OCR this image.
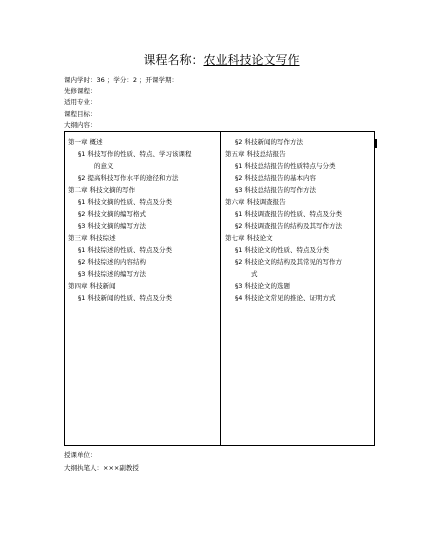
课程名称：农业科技论文写作
课内学时：36 ；学分：2 ；开课学期：
先修课程：
适用专业：
课程目标：
大纲内容：
第一章 概述
§1 科技写作的性质、特点、学习该课程
的意义
§2 提高科技写作水平的途径和方法
第二章 科技文摘的写作
§1 科技文摘的性质、特点及分类
§2 科技文摘的编写格式
§3 科技文摘的编写方法
第三章 科技综述
§1 科技综述的性质、特点及分类
§2 科技综述的内容结构
§3 科技综述的编写方法
第四章 科技新闻
§1 科技新闻的性质、特点及分类
§2 科技新闻的写作方法
第五章 科技总结报告
§1 科技总结报告的性质特点与分类
§2 科技总结报告的基本内容
§3 科技总结报告的写作方法
第六章 科技调查报告
§1 科技调查报告的性质、特点及分类
§2 科技调查报告的结构及其写作方法
第七章 科技论文
§1 科技论文的性质、特点及分类
§2 科技论文的结构及其常见的写作方
式
§3 科技论文的选题
§4 科技论文常见的推论、证明方式
授课单位：
大纲执笔人：×××副教授
